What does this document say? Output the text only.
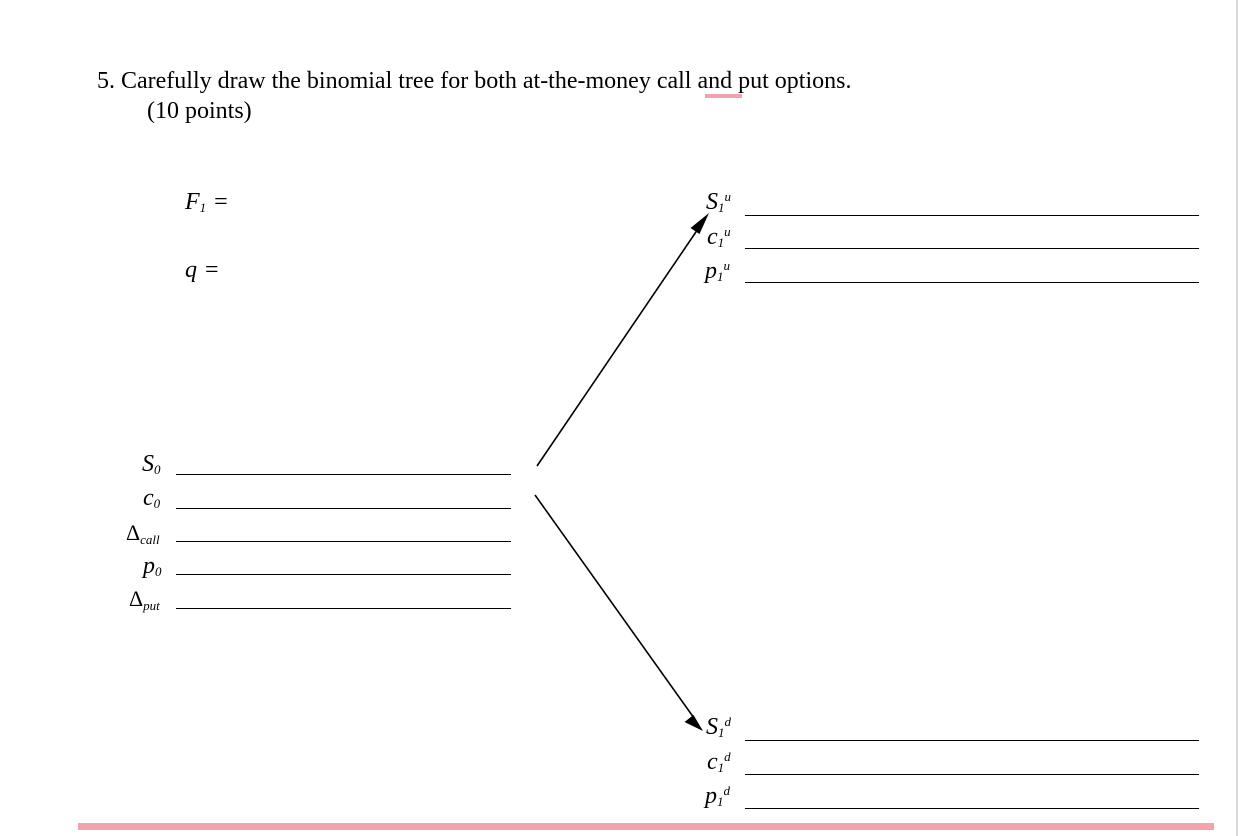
5. Carefully draw the binomial tree for both at-the-money call and put options.
(10 points)
$F_1$ =
q =
$S_0$
$c_0$
$\Delta_{call}$
$p_0$
$\Delta_{put}$
$S_1^u$
$c_1^u$
$p_1^u$
$S_1^d$
$c_1^d$
$p_1^d$
